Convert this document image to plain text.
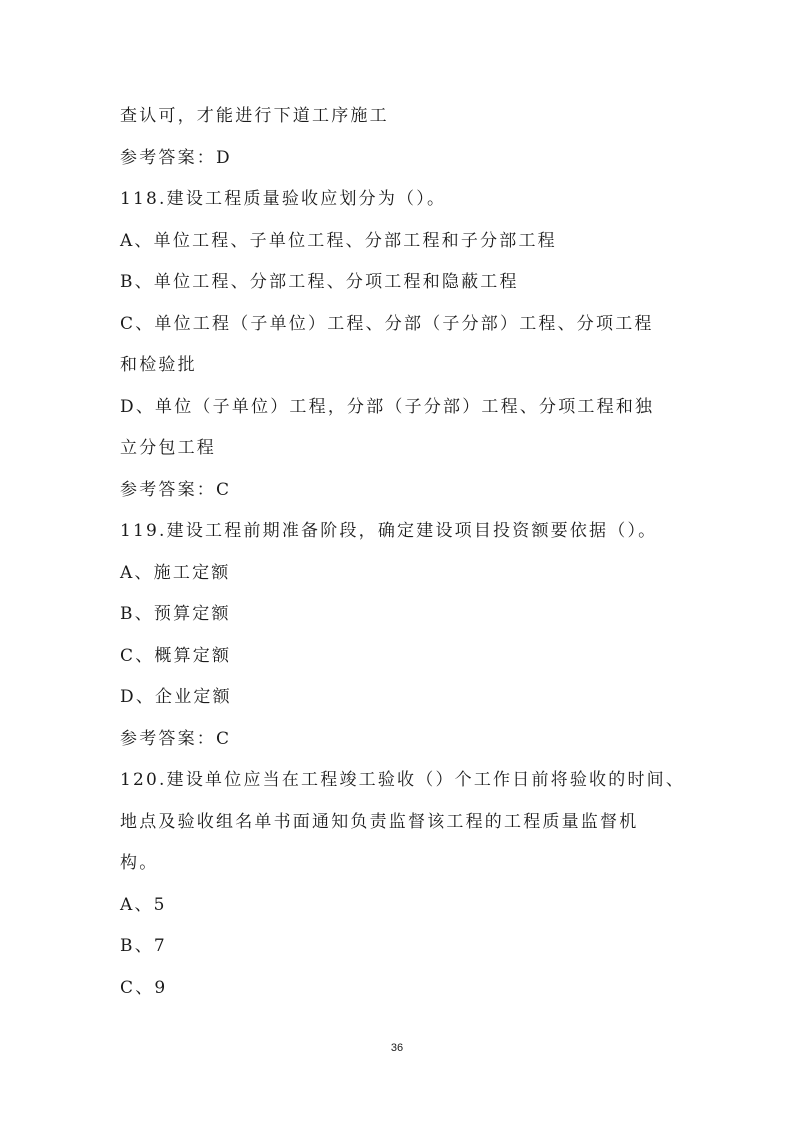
查认可，才能进行下道工序施工
参考答案：D
118.建设工程质量验收应划分为（）。
A、单位工程、子单位工程、分部工程和子分部工程
B、单位工程、分部工程、分项工程和隐蔽工程
C、单位工程（子单位）工程、分部（子分部）工程、分项工程
和检验批
D、单位（子单位）工程，分部（子分部）工程、分项工程和独
立分包工程
参考答案：C
119.建设工程前期准备阶段，确定建设项目投资额要依据（）。
A、施工定额
B、预算定额
C、概算定额
D、企业定额
参考答案：C
120.建设单位应当在工程竣工验收（）个工作日前将验收的时间、
地点及验收组名单书面通知负责监督该工程的工程质量监督机
构。
A、5
B、7
C、9
36
